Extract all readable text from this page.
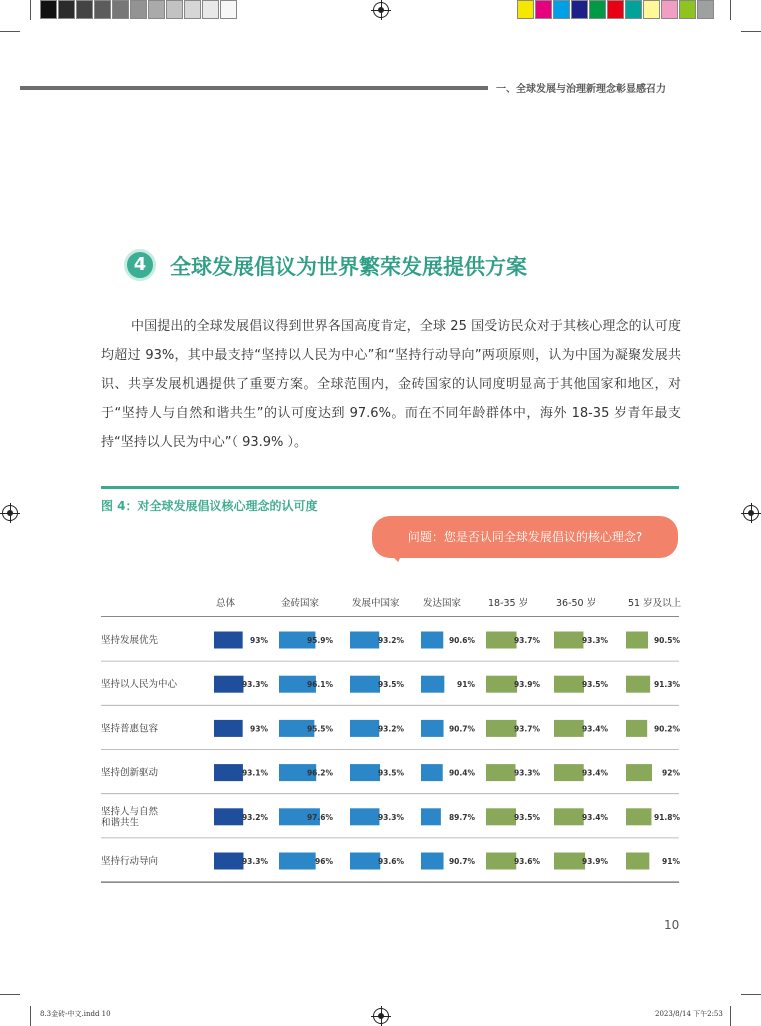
一、全球发展与治理新理念彰显感召力
4	全球发展倡议为世界繁荣发展提供方案
中国提出的全球发展倡议得到世界各国高度肯定，全球 25 国受访民众对于其核心理念的认可度均超过 93%，其中最支持“坚持以人民为中心”和“坚持行动导向”两项原则，认为中国为凝聚发展共识、共享发展机遇提供了重要方案。全球范围内，金砖国家的认同度明显高于其他国家和地区，对于“坚持人与自然和谐共生”的认可度达到 97.6%。而在不同年龄群体中，海外 18-35 岁青年最支持“坚持以人民为中心”（ 93.9% ）。
图 4：对全球发展倡议核心理念的认可度
问题：您是否认同全球发展倡议的核心理念?
总体	金砖国家	发展中国家 发达国家	18-35 岁	36-50 岁	51 岁及以上
坚持发展优先	93%	95.9%	93.2%	90.6%	93.7%	93.3%	90.5%
坚持以人民为中心	93.3%	96.1%	93.5%	91%	93.9%	93.5%	91.3%
坚持普惠包容	93%	95.5%	93.2%	90.7%	93.7%	93.4%	90.2%
坚持创新驱动	93.1%	96.2%	93.5%	90.4%	93.3%	93.4%	92%
坚持人与自然和谐共生	93.2%	97.6%	93.3%	89.7%	93.5%	93.4%	91.8%
坚持行动导向	93.3%	96%	93.6%	90.7%	93.6%	93.9%	91%
10
8.3金砖-中文.indd 10	2023/8/14 下午2:53
